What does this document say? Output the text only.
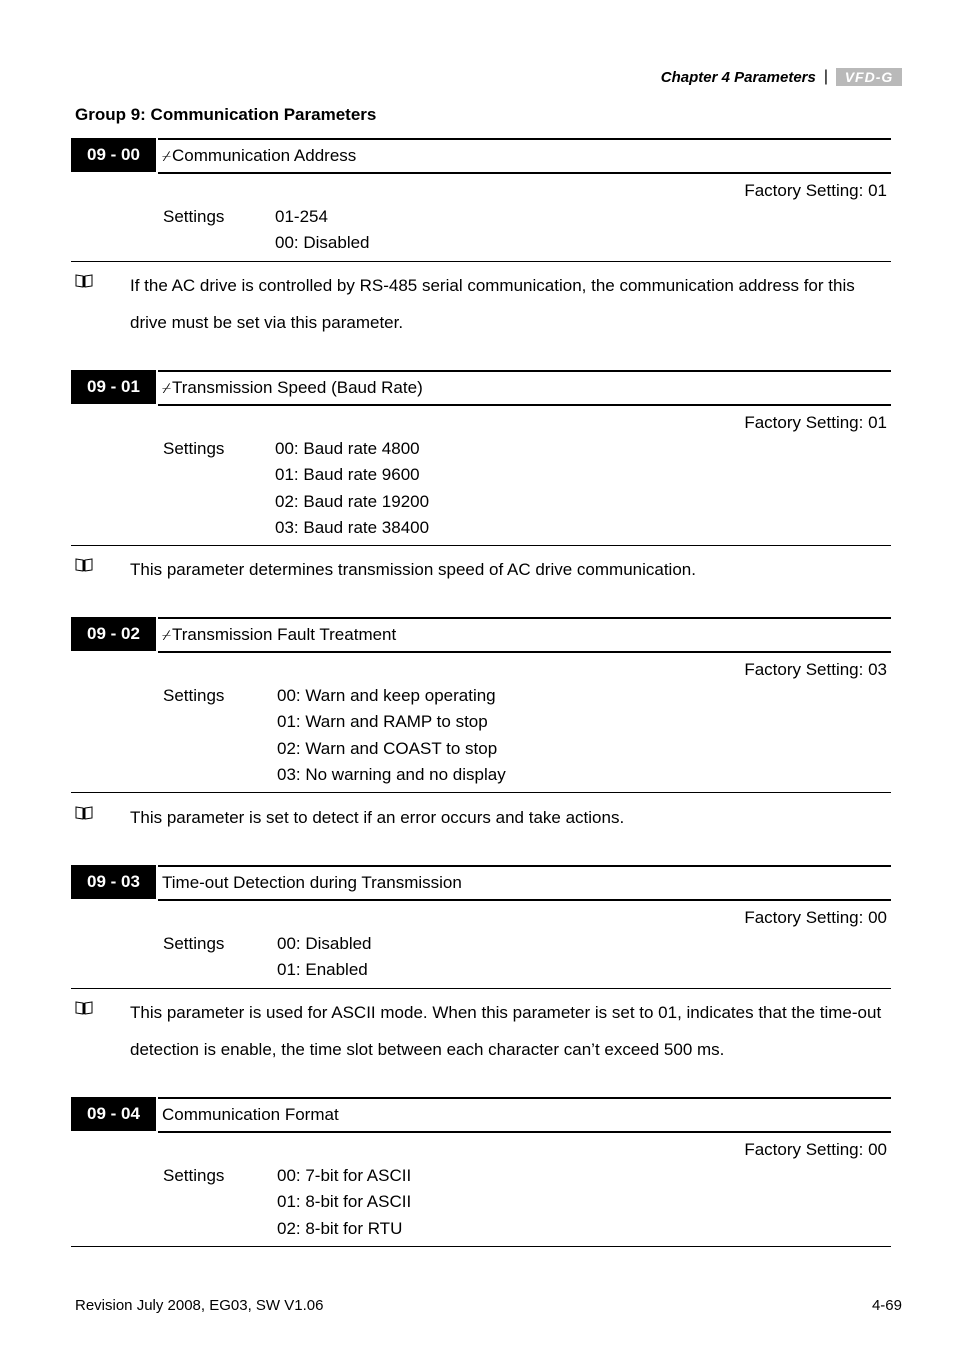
Chapter 4 Parameters |	VFD-G
Group 9: Communication Parameters
09 - 00	⌿Communication Address
Factory Setting: 01
Settings	01-254
00: Disabled
If the AC drive is controlled by RS-485 serial communication, the communication address for this drive must be set via this parameter.
09 - 01	⌿Transmission Speed (Baud Rate)
Factory Setting: 01
Settings	00: Baud rate 4800
01: Baud rate 9600
02: Baud rate 19200
03: Baud rate 38400
This parameter determines transmission speed of AC drive communication.
09 - 02	⌿Transmission Fault Treatment
Factory Setting: 03
Settings	00: Warn and keep operating
01: Warn and RAMP to stop
02: Warn and COAST to stop
03: No warning and no display
This parameter is set to detect if an error occurs and take actions.
09 - 03	Time-out Detection during Transmission
Factory Setting: 00
Settings	00: Disabled
01: Enabled
This parameter is used for ASCII mode. When this parameter is set to 01, indicates that the time-out detection is enable, the time slot between each character can’t exceed 500 ms.
09 - 04	Communication Format
Factory Setting: 00
Settings	00: 7-bit for ASCII
01: 8-bit for ASCII
02: 8-bit for RTU
Revision July 2008, EG03, SW V1.06	4-69
